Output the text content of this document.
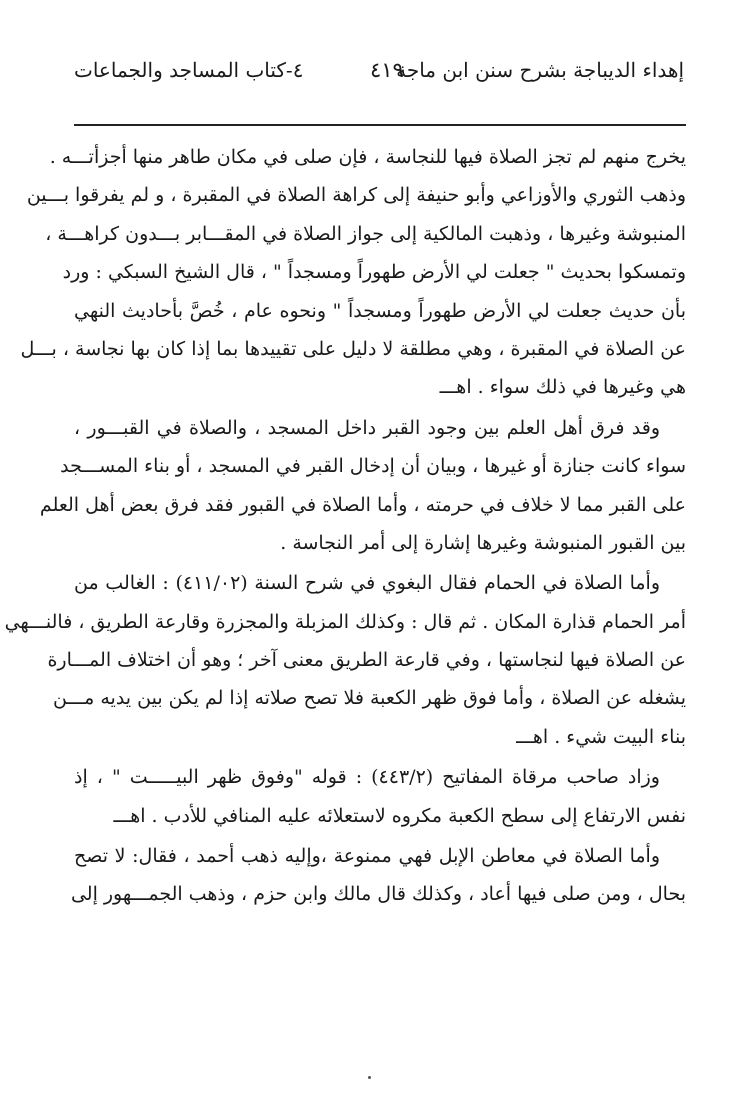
إهداء الديباجة بشرح سنن ابن ماجة
٤١٩
٤-كتاب المساجد والجماعات
يخرج منهم لم تجز الصلاة فيها للنجاسة ، فإن صلى في مكان طاهر منها أجزأتـــه .
وذهب الثوري والأوزاعي وأبو حنيفة إلى كراهة الصلاة في المقبرة ، و لم يفرقوا بـــين
المنبوشة وغيرها ، وذهبت المالكية إلى جواز الصلاة في المقـــابر بـــدون كراهـــة ،
وتمسكوا بحديث " جعلت لي الأرض طهوراً ومسجداً " ، قال الشيخ السبكي : ورد
بأن حديث جعلت لي الأرض طهوراً ومسجداً " ونحوه عام ، خُصَّ بأحاديث النهي
عن الصلاة في المقبرة ، وهي مطلقة لا دليل على تقييدها بما إذا كان بها نجاسة ، بـــل
هي وغيرها في ذلك سواء . اهـــ
وقد فرق أهل العلم بين وجود القبر داخل المسجد ، والصلاة في القبـــور ،
سواء كانت جنازة أو غيرها ، وبيان أن إدخال القبر في المسجد ، أو بناء المســـجد
على القبر مما لا خلاف في حرمته ، وأما الصلاة في القبور فقد فرق بعض أهل العلم
بين القبور المنبوشة وغيرها إشارة إلى أمر النجاسة .
وأما الصلاة في الحمام فقال البغوي في شرح السنة (٤١١/٠٢) : الغالب من
أمر الحمام قذارة المكان . ثم قال : وكذلك المزبلة والمجزرة وقارعة الطريق ، فالنـــهي
عن الصلاة فيها لنجاستها ، وفي قارعة الطريق معنى آخر ؛ وهو أن اختلاف المـــارة
يشغله عن الصلاة ، وأما فوق ظهر الكعبة فلا تصح صلاته إذا لم يكن بين يديه مـــن
بناء البيت شيء . اهـــ
وزاد صاحب مرقاة المفاتيح (٤٤٣/٢) : قوله "وفوق ظهر البيـــــت " ، إذ
نفس الارتفاع إلى سطح الكعبة مكروه لاستعلائه عليه المنافي للأدب . اهـــ
وأما الصلاة في معاطن الإبل فهي ممنوعة ،وإليه ذهب أحمد ، فقال: لا تصح
بحال ، ومن صلى فيها أعاد ، وكذلك قال مالك وابن حزم ، وذهب الجمـــهور إلى
